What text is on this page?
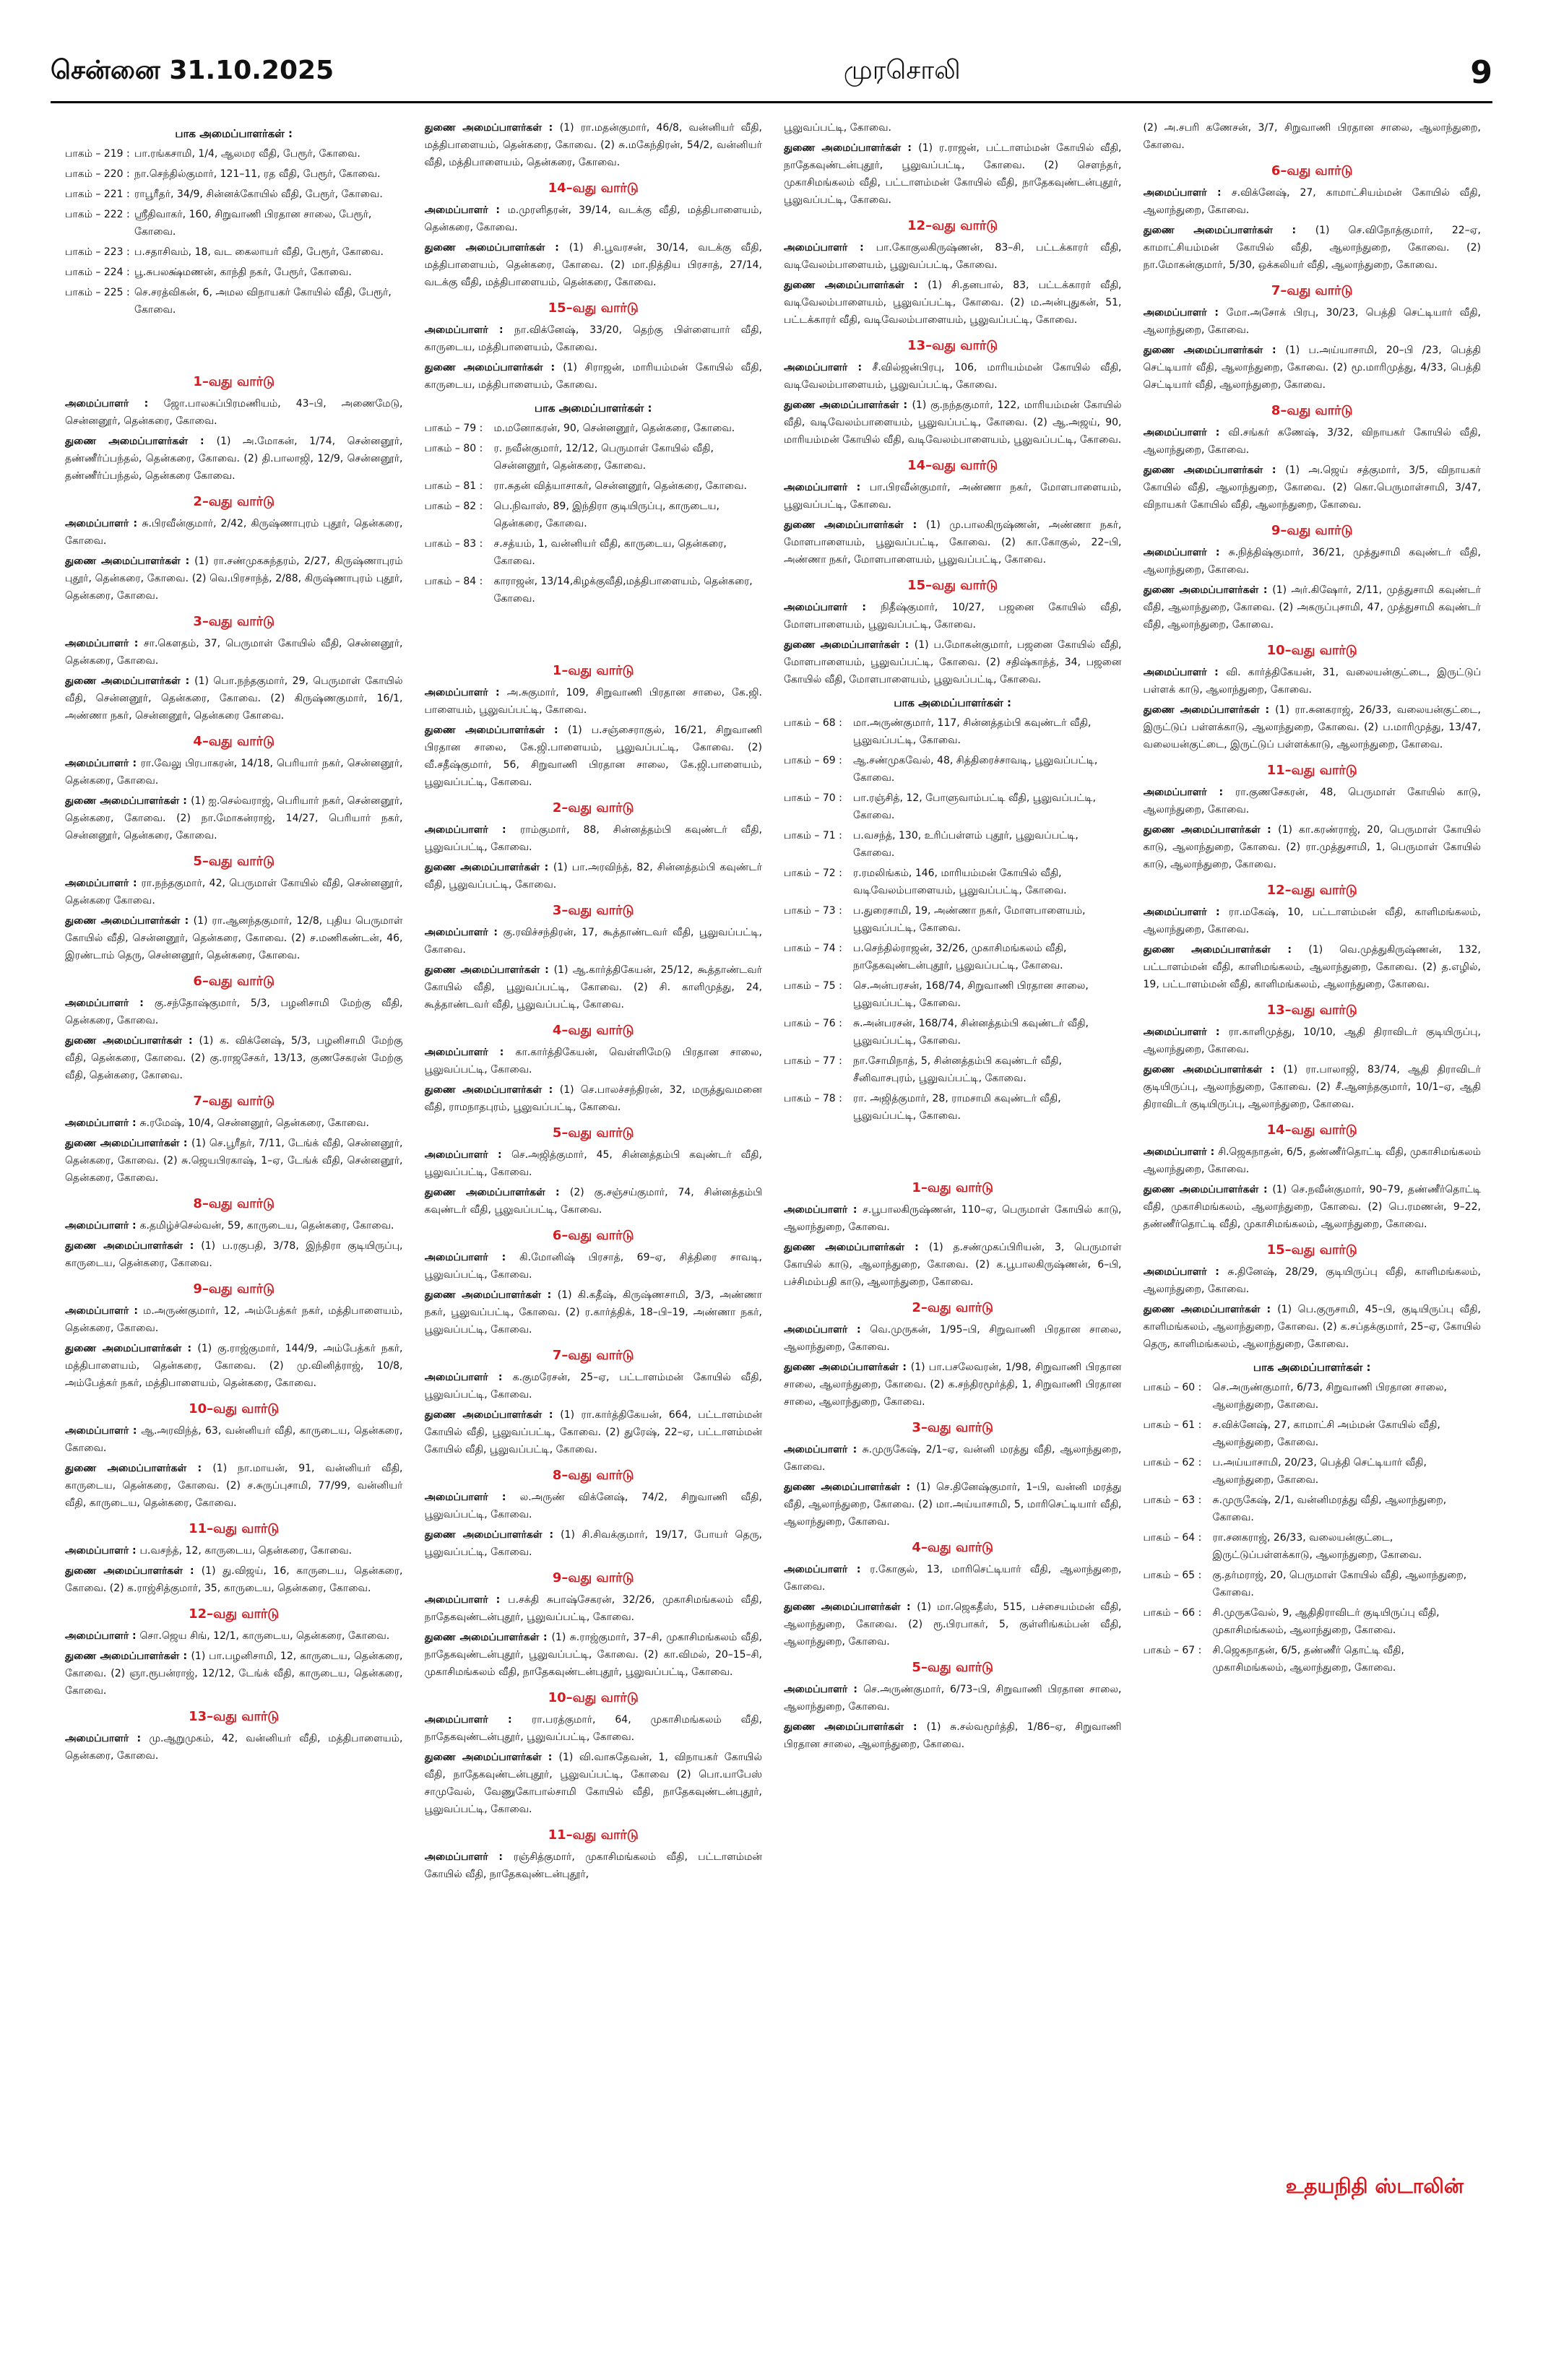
சென்னை 31.10.2025	முரசொலி	9
பாக அமைப்பாளர்கள் :
பாகம் – 219 : பா.ரங்கசாமி, 1/4, ஆலமர வீதி, பேரூர், கோவை.
பாகம் – 220 : நா.செந்தில்குமார், 121–11, ரத வீதி, பேரூர், கோவை.
பாகம் – 221 : ராபூரீதர், 34/9, சின்னக்கோயில் வீதி, பேரூர், கோவை.
பாகம் – 222 : ஸ்ரீதிவாகர், 160, சிறுவாணி பிரதான சாலை, பேரூர், கோவை.
பாகம் – 223 : ப.சதாசிவம், 18, வட கைலாயர் வீதி, பேரூர், கோவை.
பாகம் – 224 : பூ.சுபலக்ஷ்மணன், காந்தி நகர், பேரூர், கோவை.
பாகம் – 225 : செ.சரத்விகன், 6, அமல விநாயகர் கோயில் வீதி, பேரூர், கோவை.
1–வது வார்டு
அமைப்பாளர் : ஜோ.பாலசுப்பிரமணியம், 43–பி, அணைமேடு, சென்னனூர், தென்கரை, கோவை.
துணை அமைப்பாளர்கள் : (1) அ.மோகன், 1/74, சென்னனூர், தண்ணீர்ப்பந்தல், தென்கரை, கோவை. (2) தி.பாலாஜி, 12/9, சென்னனூர், தண்ணீர்ப்பந்தல், தென்கரை கோவை.
2–வது வார்டு
அமைப்பாளர் : சு.பிரவீன்குமார், 2/42, கிருஷ்ணாபுரம் புதூர், தென்கரை, கோவை.
துணை அமைப்பாளர்கள் : (1) ரா.சண்முகசுந்தரம், 2/27, கிருஷ்ணாபுரம் புதூர், தென்கரை, கோவை. (2) வெ.பிரசாந்த், 2/88, கிருஷ்ணாபுரம் புதூர், தென்கரை, கோவை.
3–வது வார்டு
அமைப்பாளர் : சா.கௌதம், 37, பெருமாள் கோயில் வீதி, சென்னனூர், தென்கரை, கோவை.
துணை அமைப்பாளர்கள் : (1) பொ.நந்தகுமார், 29, பெருமாள் கோயில் வீதி, சென்னனூர், தென்கரை, கோவை. (2) கிருஷ்ணகுமார், 16/1, அண்ணா நகர், சென்னனூர், தென்கரை கோவை.
4–வது வார்டு
அமைப்பாளர் : ரா.வேலு பிரபாகரன், 14/18, பெரியார் நகர், சென்னனூர், தென்கரை, கோவை.
துணை அமைப்பாளர்கள் : (1) ஐ.செல்வராஜ், பெரியார் நகர், சென்னனூர், தென்கரை, கோவை. (2) நா.மோகன்ராஜ், 14/27, பெரியார் நகர், சென்னனூர், தென்கரை, கோவை.
5–வது வார்டு
அமைப்பாளர் : ரா.நந்தகுமார், 42, பெருமாள் கோயில் வீதி, சென்னனூர், தென்கரை கோவை.
துணை அமைப்பாளர்கள் : (1) ரா.ஆனந்தகுமார், 12/8, புதிய பெருமாள் கோயில் வீதி, சென்னனூர், தென்கரை, கோவை. (2) ச.மணிகண்டன், 46, இரண்டாம் தெரு, சென்னனூர், தென்கரை, கோவை.
6–வது வார்டு
அமைப்பாளர் : கு.சந்தோஷ்குமார், 5/3, பழனிசாமி மேற்கு வீதி, தென்கரை, கோவை.
துணை அமைப்பாளர்கள் : (1) க. விக்னேஷ், 5/3, பழனிசாமி மேற்கு வீதி, தென்கரை, கோவை. (2) கு.ராஜசேகர், 13/13, குணசேகரன் மேற்கு வீதி, தென்கரை, கோவை.
7–வது வார்டு
அமைப்பாளர் : சு.ரமேஷ், 10/4, சென்னனூர், தென்கரை, கோவை.
துணை அமைப்பாளர்கள் : (1) செ.பூரீதர், 7/11, டேங்க் வீதி, சென்னனூர், தென்கரை, கோவை. (2) சு.ஜெயபிரகாஷ், 1–ஏ, டேங்க் வீதி, சென்னனூர், தென்கரை, கோவை.
8–வது வார்டு
அமைப்பாளர் : க.தமிழ்ச்செல்வன், 59, காருடைய, தென்கரை, கோவை.
துணை அமைப்பாளர்கள் : (1) ப.ரகுபதி, 3/78, இந்திரா குடியிருப்பு, காருடைய, தென்கரை, கோவை.
9–வது வார்டு
அமைப்பாளர் : ம.அருண்குமார், 12, அம்பேத்கர் நகர், மத்திபாளையம், தென்கரை, கோவை.
துணை அமைப்பாளர்கள் : (1) கு.ராஜ்குமார், 144/9, அம்பேத்கர் நகர், மத்திபாளையம், தென்கரை, கோவை. (2) மு.வினித்ராஜ், 10/8, அம்பேத்கர் நகர், மத்திபாளையம், தென்கரை, கோவை.
10–வது வார்டு
அமைப்பாளர் : ஆ.அரவிந்த், 63, வன்னியர் வீதி, காருடைய, தென்கரை, கோவை.
துணை அமைப்பாளர்கள் : (1) நா.மாயன், 91, வன்னியர் வீதி, காருடைய, தென்கரை, கோவை. (2) ச.சுருப்புசாமி, 77/99, வன்னியர் வீதி, காருடைய, தென்கரை, கோவை.
11–வது வார்டு
அமைப்பாளர் : ப.வசந்த், 12, காருடைய, தென்கரை, கோவை.
துணை அமைப்பாளர்கள் : (1) து.விஜய், 16, காருடைய, தென்கரை, கோவை. (2) க.ராஜ்சித்குமார், 35, காருடைய, தென்கரை, கோவை.
12–வது வார்டு
அமைப்பாளர் : சொ.ஜெய சிங், 12/1, காருடைய, தென்கரை, கோவை.
துணை அமைப்பாளர்கள் : (1) பா.பழனிசாமி, 12, காருடைய, தென்கரை, கோவை. (2) ஞா.ரூபன்ராஜ், 12/12, டேங்க் வீதி, காருடைய, தென்கரை, கோவை.
13–வது வார்டு
அமைப்பாளர் : மு.ஆறுமுகம், 42, வன்னியர் வீதி, மத்திபாளையம், தென்கரை, கோவை.
துணை அமைப்பாளர்கள் : (1) ரா.மதன்குமார், 46/8, வன்னியர் வீதி, மத்திபாளையம், தென்கரை, கோவை. (2) சு.மகேந்திரன், 54/2, வன்னியர் வீதி, மத்திபாளையம், தென்கரை, கோவை.
14–வது வார்டு
அமைப்பாளர் : ம.முரளிதரன், 39/14, வடக்கு வீதி, மத்திபாளையம், தென்கரை, கோவை.
துணை அமைப்பாளர்கள் : (1) சி.பூவரசன், 30/14, வடக்கு வீதி, மத்திபாளையம், தென்கரை, கோவை. (2) மா.நித்திய பிரசாத், 27/14, வடக்கு வீதி, மத்திபாளையம், தென்கரை, கோவை.
15–வது வார்டு
அமைப்பாளர் : நா.விக்னேஷ், 33/20, தெற்கு பிள்ளையார் வீதி, காருடைய, மத்திபாளையம், கோவை.
துணை அமைப்பாளர்கள் : (1) சிராஜன், மாரியம்மன் கோயில் வீதி, காருடைய, மத்திபாளையம், கோவை.
பாக அமைப்பாளர்கள் :
பாகம் – 79 :	ம.மனோகரன், 90, சென்னனூர், தென்கரை, கோவை.
பாகம் – 80 :	ர. நவீன்குமார், 12/12, பெருமாள் கோயில் வீதி, சென்னனூர், தென்கரை, கோவை.
பாகம் – 81 :	ரா.சுதன் வித்யாசாகர், சென்னனூர், தென்கரை, கோவை.
பாகம் – 82 :	பெ.நிவாஸ், 89, இந்திரா குடியிருப்பு, காருடைய, தென்கரை, கோவை.
பாகம் – 83 :	ச.சத்யம், 1, வன்னியர் வீதி, காருடைய, தென்கரை, கோவை.
பாகம் – 84 :	காராஜன், 13/14,கிழக்குவீதி,மத்திபாளையம், தென்கரை, கோவை.
1–வது வார்டு
அமைப்பாளர் : அ.சுகுமார், 109, சிறுவாணி பிரதான சாலை, கே.ஜி. பாளையம், பூலுவப்பட்டி, கோவை.
துணை அமைப்பாளர்கள் : (1) ப.சஞ்சைராகுல், 16/21, சிறுவாணி பிரதான சாலை, கே.ஜி.பாளையம், பூலுவப்பட்டி, கோவை. (2) வீ.சதீஷ்குமார், 56, சிறுவாணி பிரதான சாலை, கே.ஜி.பாளையம், பூலுவப்பட்டி, கோவை.
2–வது வார்டு
அமைப்பாளர் : ராம்குமார், 88, சின்னத்தம்பி கவுண்டர் வீதி, பூலுவப்பட்டி, கோவை.
துணை அமைப்பாளர்கள் : (1) பா.அரவிந்த், 82, சின்னத்தம்பி கவுண்டர் வீதி, பூலுவப்பட்டி, கோவை.
3–வது வார்டு
அமைப்பாளர் : கு.ரவிச்சந்திரன், 17, கூத்தாண்டவர் வீதி, பூலுவப்பட்டி, கோவை.
துணை அமைப்பாளர்கள் : (1) ஆ.கார்த்திகேயன், 25/12, கூத்தாண்டவர் கோயில் வீதி, பூலுவப்பட்டி, கோவை. (2) சி. காளிமுத்து, 24, கூத்தாண்டவர் வீதி, பூலுவப்பட்டி, கோவை.
4–வது வார்டு
அமைப்பாளர் : கா.கார்த்திகேயன், வெள்ளிமேடு பிரதான சாலை, பூலுவப்பட்டி, கோவை.
துணை அமைப்பாளர்கள் : (1) செ.பாலச்சந்திரன், 32, மருத்துவமனை வீதி, ராமநாதபுரம், பூலுவப்பட்டி, கோவை.
5–வது வார்டு
அமைப்பாளர் : செ.அஜித்குமார், 45, சின்னத்தம்பி கவுண்டர் வீதி, பூலுவப்பட்டி, கோவை.
துணை அமைப்பாளர்கள் : (2) கு.சஞ்சய்குமார், 74, சின்னத்தம்பி கவுண்டர் வீதி, பூலுவப்பட்டி, கோவை.
6–வது வார்டு
அமைப்பாளர் : கி.மோனிஷ் பிரசாத், 69–ஏ, சித்திரை சாவடி, பூலுவப்பட்டி, கோவை.
துணை அமைப்பாளர்கள் : (1) கி.கதீஷ், கிருஷ்ணசாமி, 3/3, அண்ணா நகர், பூலுவப்பட்டி, கோவை. (2) ர.கார்த்திக், 18–பி–19, அண்ணா நகர், பூலுவப்பட்டி, கோவை.
7–வது வார்டு
அமைப்பாளர் : க.குமரேசன், 25–ஏ, பட்டாளம்மன் கோயில் வீதி, பூலுவப்பட்டி, கோவை.
துணை அமைப்பாளர்கள் : (1) ரா.கார்த்திகேயன், 664, பட்டாளம்மன் கோயில் வீதி, பூலுவப்பட்டி, கோவை. (2) துரேஷ், 22–ஏ, பட்டாளம்மன் கோயில் வீதி, பூலுவப்பட்டி, கோவை.
8–வது வார்டு
அமைப்பாளர் : ல.அருண் விக்னேஷ், 74/2, சிறுவாணி வீதி, பூலுவப்பட்டி, கோவை.
துணை அமைப்பாளர்கள் : (1) சி.சிவக்குமார், 19/17, போயர் தெரு, பூலுவப்பட்டி, கோவை.
9–வது வார்டு
அமைப்பாளர் : ப.சக்தி சுபாஷ்சேகரன், 32/26, முகாசிமங்கலம் வீதி, நாதேகவுண்டன்புதூர், பூலுவப்பட்டி, கோவை.
துணை அமைப்பாளர்கள் : (1) சு.ராஜ்குமார், 37–சி, முகாசிமங்கலம் வீதி, நாதேகவுண்டன்புதூர், பூலுவப்பட்டி, கோவை. (2) கா.விமல், 20–15–சி, முகாசிமங்கலம் வீதி, நாதேகவுண்டன்புதூர், பூலுவப்பட்டி, கோவை.
10–வது வார்டு
அமைப்பாளர் : ரா.பரத்குமார், 64, முகாசிமங்கலம் வீதி, நாதேகவுண்டன்புதூர், பூலுவப்பட்டி, கோவை.
துணை அமைப்பாளர்கள் : (1) வி.வாசுதேவன், 1, விநாயகர் கோயில் வீதி, நாதேகவுண்டன்புதூர், பூலுவப்பட்டி, கோவை (2) பொ.யாபேஸ் சாமுவேல், வேணுகோபால்சாமி கோயில் வீதி, நாதேகவுண்டன்புதூர், பூலுவப்பட்டி, கோவை.
11–வது வார்டு
அமைப்பாளர் : ரஞ்சித்குமார், முகாசிமங்கலம் வீதி, பட்டாளம்மன் கோயில் வீதி, நாதேகவுண்டன்புதூர்,
பூலுவப்பட்டி, கோவை.
துணை அமைப்பாளர்கள் : (1) ர.ராஜன், பட்டாளம்மன் கோயில் வீதி, நாதேகவுண்டன்புதூர், பூலுவப்பட்டி, கோவை. (2) சௌந்தர், முகாசிமங்கலம் வீதி, பட்டாளம்மன் கோயில் வீதி, நாதேகவுண்டன்புதூர், பூலுவப்பட்டி, கோவை.
12–வது வார்டு
அமைப்பாளர் : பா.கோகுலகிருஷ்ணன், 83–சி, பட்டக்காரர் வீதி, வடிவேலம்பாளையம், பூலுவப்பட்டி, கோவை.
துணை அமைப்பாளர்கள் : (1) சி.தனபால், 83, பட்டக்காரர் வீதி, வடிவேலம்பாளையம், பூலுவப்பட்டி, கோவை. (2) ம.அன்புதுகன், 51, பட்டக்காரர் வீதி, வடிவேலம்பாளையம், பூலுவப்பட்டி, கோவை.
13–வது வார்டு
அமைப்பாளர் : சீ.வில்ஜன்பிரபு, 106, மாரியம்மன் கோயில் வீதி, வடிவேலம்பாளையம், பூலுவப்பட்டி, கோவை.
துணை அமைப்பாளர்கள் : (1) கு.நந்தகுமார், 122, மாரியம்மன் கோயில் வீதி, வடிவேலம்பாளையம், பூலுவப்பட்டி, கோவை. (2) ஆ.அஜய், 90, மாரியம்மன் கோயில் வீதி, வடிவேலம்பாளையம், பூலுவப்பட்டி, கோவை.
14–வது வார்டு
அமைப்பாளர் : பா.பிரவீன்குமார், அண்ணா நகர், மோளபாளையம், பூலுவப்பட்டி, கோவை.
துணை அமைப்பாளர்கள் : (1) மு.பாலகிருஷ்ணன், அண்ணா நகர், மோளபாளையம், பூலுவப்பட்டி, கோவை. (2) கா.கோகுல், 22–பி, அண்ணா நகர், மோளபாளையம், பூலுவப்பட்டி, கோவை.
15–வது வார்டு
அமைப்பாளர் : நிதீஷ்குமார், 10/27, பஜனை கோயில் வீதி, மோளபாளையம், பூலுவப்பட்டி, கோவை.
துணை அமைப்பாளர்கள் : (1) ப.மோகன்குமார், பஜனை கோயில் வீதி, மோளபாளையம், பூலுவப்பட்டி, கோவை. (2) சதிஷ்காந்த், 34, பஜனை கோயில் வீதி, மோளபாளையம், பூலுவப்பட்டி, கோவை.
பாக அமைப்பாளர்கள் :
பாகம் – 68 :	மா.அருண்குமார், 117, சின்னத்தம்பி கவுண்டர் வீதி, பூலுவப்பட்டி, கோவை.
பாகம் – 69 :	ஆ.சண்முகவேல், 48, சித்திரைச்சாவடி, பூலுவப்பட்டி, கோவை.
பாகம் – 70 :	பா.ரஞ்சித், 12, போளுவாம்பட்டி வீதி, பூலுவப்பட்டி, கோவை.
பாகம் – 71 :	ப.வசந்த், 130, உரிப்பள்ளம் புதூர், பூலுவப்பட்டி, கோவை.
பாகம் – 72 :	ர.ரமலிங்கம், 146, மாரியம்மன் கோயில் வீதி, வடிவேலம்பாளையம், பூலுவப்பட்டி, கோவை.
பாகம் – 73 :	ப.துரைசாமி, 19, அண்ணா நகர், மோளபாளையம், பூலுவப்பட்டி, கோவை.
பாகம் – 74 :	ப.செந்தில்ராஜன், 32/26, முகாசிமங்கலம் வீதி, நாதேகவுண்டன்புதூர், பூலுவப்பட்டி, கோவை.
பாகம் – 75 :	செ.அன்பரசன், 168/74, சிறுவாணி பிரதான சாலை, பூலுவப்பட்டி, கோவை.
பாகம் – 76 :	சு.அன்பரசன், 168/74, சின்னத்தம்பி கவுண்டர் வீதி, பூலுவப்பட்டி, கோவை.
பாகம் – 77 :	நா.சோமிநாத், 5, சின்னத்தம்பி கவுண்டர் வீதி, சீனிவாசபுரம், பூலுவப்பட்டி, கோவை.
பாகம் – 78 :	ரா. அஜித்குமார், 28, ராமசாமி கவுண்டர் வீதி, பூலுவப்பட்டி, கோவை.
1–வது வார்டு
அமைப்பாளர் : ச.பூபாலகிருஷ்ணன், 110–ஏ, பெருமாள் கோயில் காடு, ஆலாந்துறை, கோவை.
துணை அமைப்பாளர்கள் : (1) த.சண்முகப்பிரியன், 3, பெருமாள் கோயில் காடு, ஆலாந்துறை, கோவை. (2) க.பூபாலகிருஷ்ணன், 6–பி, பச்சிமம்பதி காடு, ஆலாந்துறை, கோவை.
2–வது வார்டு
அமைப்பாளர் : வெ.முருகன், 1/95–பி, சிறுவாணி பிரதான சாலை, ஆலாந்துறை, கோவை.
துணை அமைப்பாளர்கள் : (1) பா.பசலேவரன், 1/98, சிறுவாணி பிரதான சாலை, ஆலாந்துறை, கோவை. (2) க.சந்திரமூர்த்தி, 1, சிறுவாணி பிரதான சாலை, ஆலாந்துறை, கோவை.
3–வது வார்டு
அமைப்பாளர் : சு.முருகேஷ், 2/1–ஏ, வன்னி மரத்து வீதி, ஆலாந்துறை, கோவை.
துணை அமைப்பாளர்கள் : (1) செ.தினேஷ்குமார், 1–பி, வன்னி மரத்து வீதி, ஆலாந்துறை, கோவை. (2) மா.அய்யாசாமி, 5, மாரிசெட்டியார் வீதி, ஆலாந்துறை, கோவை.
4–வது வார்டு
அமைப்பாளர் : ர.கோகுல், 13, மாரிசெட்டியார் வீதி, ஆலாந்துறை, கோவை.
துணை அமைப்பாளர்கள் : (1) மா.ஜெகதீஸ், 515, பச்சையம்மன் வீதி, ஆலாந்துறை, கோவை. (2) ரூ.பிரபாகர், 5, குள்ளிங்கம்பன் வீதி, ஆலாந்துறை, கோவை.
5–வது வார்டு
அமைப்பாளர் : செ.அருண்குமார், 6/73–பி, சிறுவாணி பிரதான சாலை, ஆலாந்துறை, கோவை.
துணை அமைப்பாளர்கள் : (1) சு.சல்வமூர்த்தி, 1/86–ஏ, சிறுவாணி பிரதான சாலை, ஆலாந்துறை, கோவை.
(2) அ.சபரி கணேசன், 3/7, சிறுவாணி பிரதான சாலை, ஆலாந்துறை, கோவை.
6–வது வார்டு
அமைப்பாளர் : ச.விக்னேஷ், 27, காமாட்சியம்மன் கோயில் வீதி, ஆலாந்துறை, கோவை.
துணை அமைப்பாளர்கள் : (1) செ.விநோத்குமார், 22–ஏ, காமாட்சியம்மன் கோயில் வீதி, ஆலாந்துறை, கோவை. (2) நா.மோகன்குமார், 5/30, ஒக்கலியர் வீதி, ஆலாந்துறை, கோவை.
7–வது வார்டு
அமைப்பாளர் : மோ.அசோக் பிரபு, 30/23, பெத்தி செட்டியார் வீதி, ஆலாந்துறை, கோவை.
துணை அமைப்பாளர்கள் : (1) ப.அய்யாசாமி, 20–பி /23, பெத்தி செட்டியார் வீதி, ஆலாந்துறை, கோவை. (2) மூ.மாரிமுத்து, 4/33, பெத்தி செட்டியார் வீதி, ஆலாந்துறை, கோவை.
8–வது வார்டு
அமைப்பாளர் : வி.சங்கர் கணேஷ், 3/32, விநாயகர் கோயில் வீதி, ஆலாந்துறை, கோவை.
துணை அமைப்பாளர்கள் : (1) அ.ஜெய் சத்குமார், 3/5, விநாயகர் கோயில் வீதி, ஆலாந்துறை, கோவை. (2) கொ.பெருமாள்சாமி, 3/47, விநாயகர் கோயில் வீதி, ஆலாந்துறை, கோவை.
9–வது வார்டு
அமைப்பாளர் : சு.நித்திஷ்குமார், 36/21, முத்துசாமி கவுண்டர் வீதி, ஆலாந்துறை, கோவை.
துணை அமைப்பாளர்கள் : (1) அர்.கிஷோர், 2/11, முத்துசாமி கவுண்டர் வீதி, ஆலாந்துறை, கோவை. (2) அகருப்புசாமி, 47, முத்துசாமி கவுண்டர் வீதி, ஆலாந்துறை, கோவை.
10–வது வார்டு
அமைப்பாளர் : வி. கார்த்திகேயன், 31, வலையன்குட்டை, இருட்டுப் பள்ளக் காடு, ஆலாந்துறை, கோவை.
துணை அமைப்பாளர்கள் : (1) ரா.சுனகராஜ், 26/33, வலையன்குட்டை, இருட்டுப் பள்ளக்காடு, ஆலாந்துறை, கோவை. (2) ப.மாரிமுத்து, 13/47, வலையன்குட்டை, இருட்டுப் பள்ளக்காடு, ஆலாந்துறை, கோவை.
11–வது வார்டு
அமைப்பாளர் : ரா.குணசேகரன், 48, பெருமாள் கோயில் காடு, ஆலாந்துறை, கோவை.
துணை அமைப்பாளர்கள் : (1) கா.கரண்ராஜ், 20, பெருமாள் கோயில் காடு, ஆலாந்துறை, கோவை. (2) ரா.முத்துசாமி, 1, பெருமாள் கோயில் காடு, ஆலாந்துறை, கோவை.
12–வது வார்டு
அமைப்பாளர் : ரா.மகேஷ், 10, பட்டாளம்மன் வீதி, காளிமங்கலம், ஆலாந்துறை, கோவை.
துணை அமைப்பாளர்கள் : (1) வெ.முத்துகிருஷ்ணன், 132, பட்டாளம்மன் வீதி, காளிமங்கலம், ஆலாந்துறை, கோவை. (2) த.எழில், 19, பட்டாளம்மன் வீதி, காளிமங்கலம், ஆலாந்துறை, கோவை.
13–வது வார்டு
அமைப்பாளர் : ரா.காளிமுத்து, 10/10, ஆதி திராவிடர் குடியிருப்பு, ஆலாந்துறை, கோவை.
துணை அமைப்பாளர்கள் : (1) ரா.பாலாஜி, 83/74, ஆதி திராவிடர் குடியிருப்பு, ஆலாந்துறை, கோவை. (2) சீ.ஆனந்தகுமார், 10/1–ஏ, ஆதி திராவிடர் குடியிருப்பு, ஆலாந்துறை, கோவை.
14–வது வார்டு
அமைப்பாளர் : சி.ஜெகநாதன், 6/5, தண்ணீர்தொட்டி வீதி, முகாசிமங்கலம் ஆலாந்துறை, கோவை.
துணை அமைப்பாளர்கள் : (1) செ.நவீன்குமார், 90–79, தண்ணீர்தொட்டி வீதி, முகாசிமங்கலம், ஆலாந்துறை, கோவை. (2) பெ.ரமணன், 9–22, தண்ணீர்தொட்டி வீதி, முகாசிமங்கலம், ஆலாந்துறை, கோவை.
15–வது வார்டு
அமைப்பாளர் : சு.தினேஷ், 28/29, குடியிருப்பு வீதி, காளிமங்கலம், ஆலாந்துறை, கோவை.
துணை அமைப்பாளர்கள் : (1) பெ.குருசாமி, 45–பி, குடியிருப்பு வீதி, காளிமங்கலம், ஆலாந்துறை, கோவை. (2) க.சப்தக்குமார், 25–ஏ, கோயில் தெரு, காளிமங்கலம், ஆலாந்துறை, கோவை.
பாக அமைப்பாளர்கள் :
பாகம் – 60 :	செ.அருண்குமார், 6/73, சிறுவாணி பிரதான சாலை, ஆலாந்துறை, கோவை.
பாகம் – 61 :	ச.விக்னேஷ், 27, காமாட்சி அம்மன் கோயில் வீதி, ஆலாந்துறை, கோவை.
பாகம் – 62 :	ப.அய்யாசாமி, 20/23, பெத்தி செட்டியார் வீதி, ஆலாந்துறை, கோவை.
பாகம் – 63 :	சு.முருகேஷ், 2/1, வன்னிமரத்து வீதி, ஆலாந்துறை, கோவை.
பாகம் – 64 :	ரா.சனகராஜ், 26/33, வலையன்குட்டை, இருட்டுப்பள்ளக்காடு, ஆலாந்துறை, கோவை.
பாகம் – 65 :	கு.தர்மராஜ், 20, பெருமாள் கோயில் வீதி, ஆலாந்துறை, கோவை.
பாகம் – 66 :	சி.முருகவேல், 9, ஆதிதிராவிடர் குடியிருப்பு வீதி, முகாசிமங்கலம், ஆலாந்துறை, கோவை.
பாகம் – 67 :	சி.ஜெகநாதன், 6/5, தண்ணீர் தொட்டி வீதி, முகாசிமங்கலம், ஆலாந்துறை, கோவை.
உதயநிதி ஸ்டாலின்
